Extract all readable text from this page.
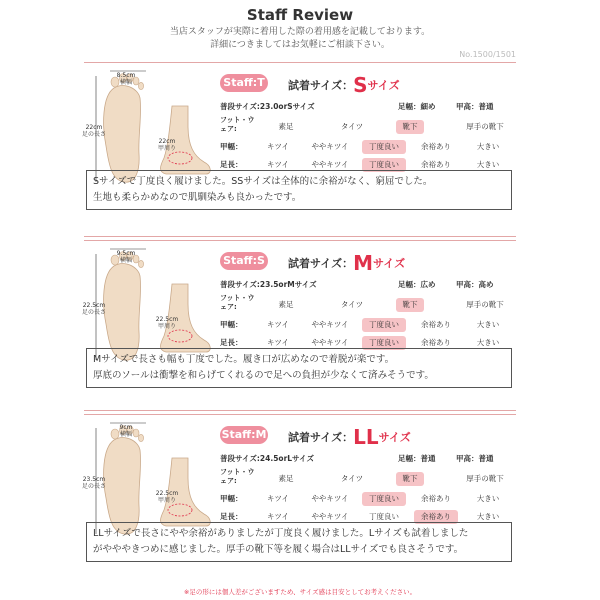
Staff Review
当店スタッフが実際に着用した際の着用感を記載しております。
詳細につきましてはお気軽にご相談下さい。
No.1500/1501
8.5cm
横幅
22cm
足の長さ
22cm
甲周り
Staff:T 試着サイズ：Sサイズ
普段サイズ:23.0orSサイズ	足幅：細め	甲高：普通
フット・ウェア:	素足	タイツ	靴下	厚手の靴下
甲幅：	キツイ	ややキツイ	丁度良い	余裕あり	大きい
足長：	キツイ	ややキツイ	丁度良い	余裕あり	大きい
Sサイズで丁度良く履けました。SSサイズは全体的に余裕がなく、窮屈でした。
生地も柔らかめなので肌馴染みも良かったです。
9.5cm
横幅
22.5cm
足の長さ
22.5cm
甲周り
Staff:S 試着サイズ：Mサイズ
普段サイズ:23.5orMサイズ	足幅：広め	甲高：高め
フット・ウェア:	素足	タイツ	靴下	厚手の靴下
甲幅：	キツイ	ややキツイ	丁度良い	余裕あり	大きい
足長：	キツイ	ややキツイ	丁度良い	余裕あり	大きい
Mサイズで長さも幅も丁度でした。履き口が広めなので着脱が楽です。
厚底のソールは衝撃を和らげてくれるので足への負担が少なくて済みそうです。
9cm
横幅
23.5cm
足の長さ
22.5cm
甲周り
Staff:M 試着サイズ：LLサイズ
普段サイズ:24.5orLサイズ	足幅：普通	甲高：普通
フット・ウェア:	素足	タイツ	靴下	厚手の靴下
甲幅：	キツイ	ややキツイ	丁度良い	余裕あり	大きい
足長：	キツイ	ややキツイ	丁度良い	余裕あり	大きい
LLサイズで長さにやや余裕がありましたが丁度良く履けました。Lサイズも試着しました
がやややきつめに感じました。厚手の靴下等を履く場合はLLサイズでも良さそうです。
※足の形には個人差がございますため、サイズ感は目安としてお考えください。
